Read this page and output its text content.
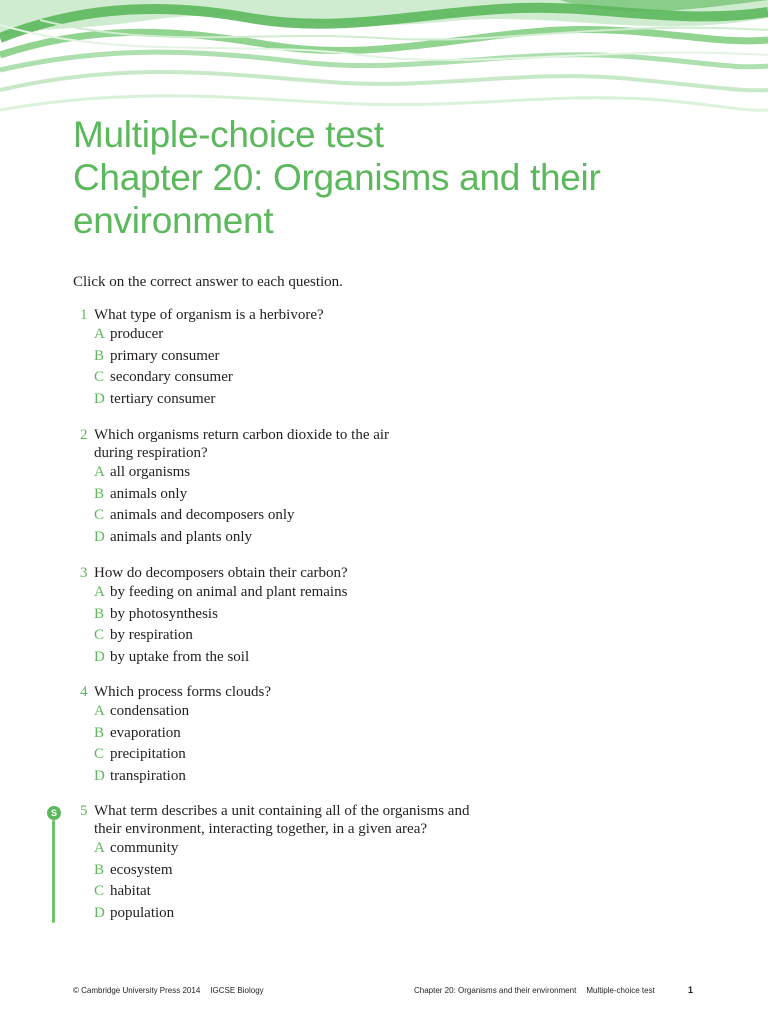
Multiple-choice test
Chapter 20: Organisms and their
environment

Click on the correct answer to each question.

1 What type of organism is a herbivore?
A producer
B primary consumer
C secondary consumer
D tertiary consumer
2 Which organisms return carbon dioxide to the air
during respiration?
A all organisms
B animals only
C animals and decomposers only
D animals and plants only
3 How do decomposers obtain their carbon?
A by feeding on animal and plant remains
B by photosynthesis
C by respiration
D by uptake from the soil
4 Which process forms clouds?
A condensation
B evaporation
C precipitation
D transpiration
5 What term describes a unit containing all of the organisms and
their environment, interacting together, in a given area?
A community
B ecosystem
C habitat
D population
S
© Cambridge University Press 2014 IGCSE Biology	Chapter 20: Organisms and their environment Multiple-choice test	1
